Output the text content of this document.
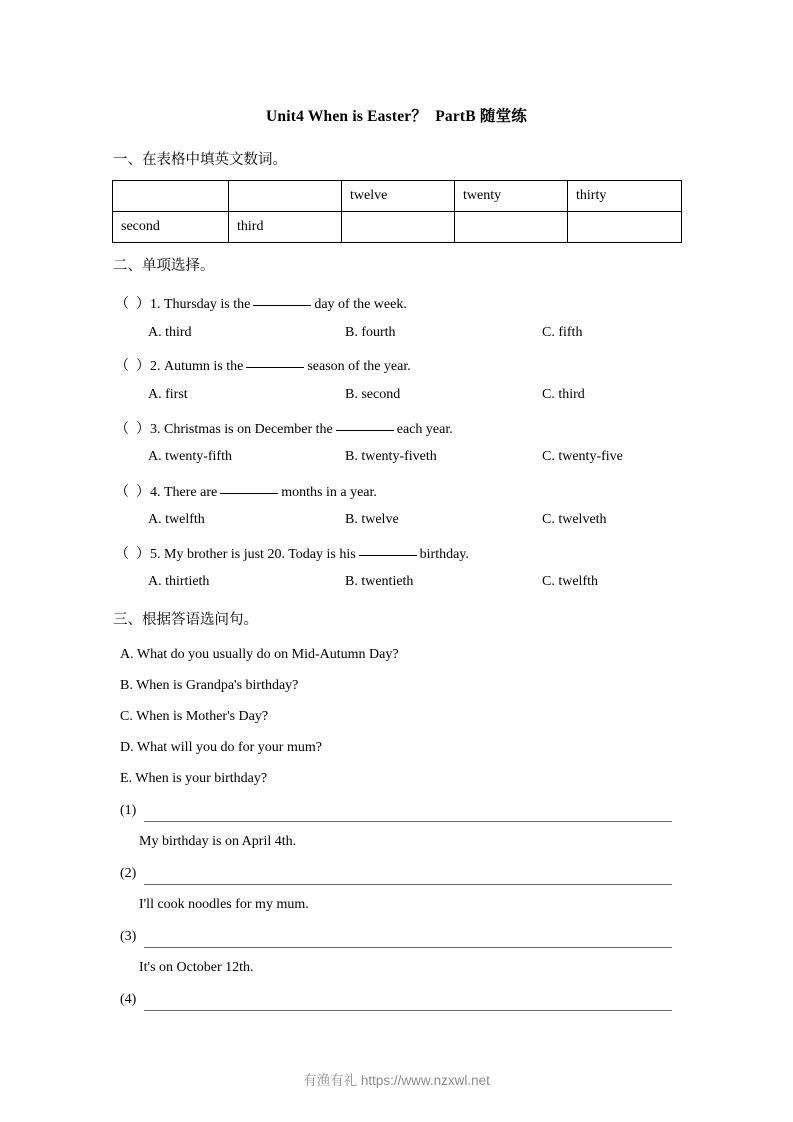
Unit4 When is Easter？  PartB 随堂练
一、在表格中填英文数词。
		twelve	twenty	thirty
second	third			
二、单项选择。
（  ）1. Thursday is the	day of the week.
A. third	B. fourth	C. fifth
（  ）2. Autumn is the	season of the year.
A. first	B. second	C. third
（  ）3. Christmas is on December the	each year.
A. twenty-fifth	B. twenty-fiveth	C. twenty-five
（  ）4. There are	months in a year.
A. twelfth	B. twelve	C. twelveth
（  ）5. My brother is just 20. Today is his	birthday.
A. thirtieth	B. twentieth	C. twelfth
三、根据答语选问句。
A. What do you usually do on Mid-Autumn Day?
B. When is Grandpa's birthday?
C. When is Mother's Day?
D. What will you do for your mum?
E. When is your birthday?
(1)
My birthday is on April 4th.
(2)
I'll cook noodles for my mum.
(3)
It's on October 12th.
(4)
有渔有礼 https://www.nzxwl.net
